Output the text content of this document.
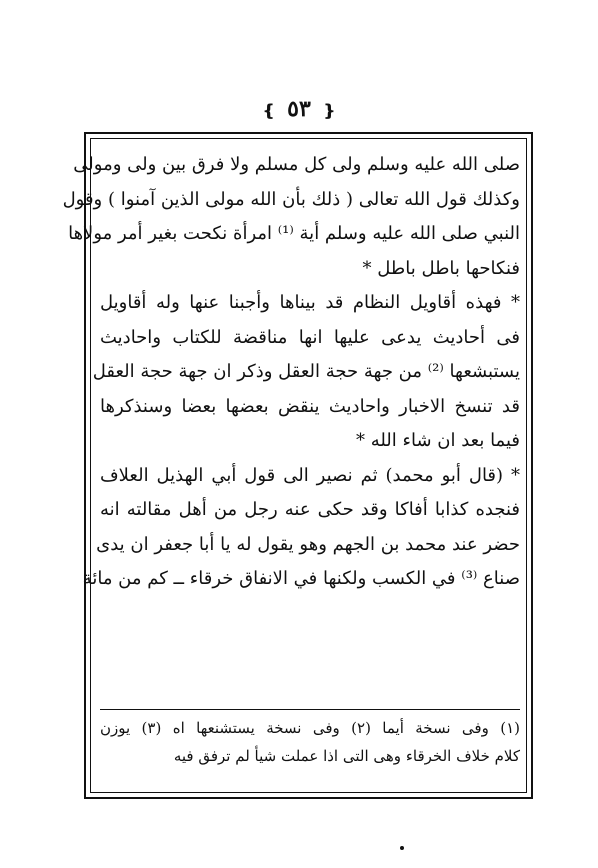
❴ ٥٣ ❵
صلى الله عليه وسلم ولى كل مسلم ولا فرق بين ولى ومولى
وكذلك قول الله تعالى ( ذلك بأن الله مولى الذين آمنوا ) وقول
النبي صلى الله عليه وسلم أية ⁽¹⁾ امرأة نكحت بغير أمر مولاها
فنكاحها باطل باطل *
* فهذه أقاويل النظام قد بيناها وأجبنا عنها وله أقاويل
فى أحاديث يدعى عليها انها مناقضة للكتاب واحاديث
يستبشعها ⁽²⁾ من جهة حجة العقل وذكر ان جهة حجة العقل
قد تنسخ الاخبار واحاديث ينقض بعضها بعضا وسنذكرها
فيما بعد ان شاء الله *
* (قال أبو محمد) ثم نصير الى قول أبي الهذيل العلاف
فنجده كذابا أفاكا وقد حكى عنه رجل من أهل مقالته انه
حضر عند محمد بن الجهم وهو يقول له يا أبا جعفر ان يدى
صناع ⁽³⁾ في الكسب ولكنها في الانفاق خرقاء ــ كم من مائة
(١) وفى نسخة أيما (٢) وفى نسخة يستشنعها اه (٣) يوزن
كلام خلاف الخرقاء وهى التى اذا عملت شيأ لم ترفق فيه
